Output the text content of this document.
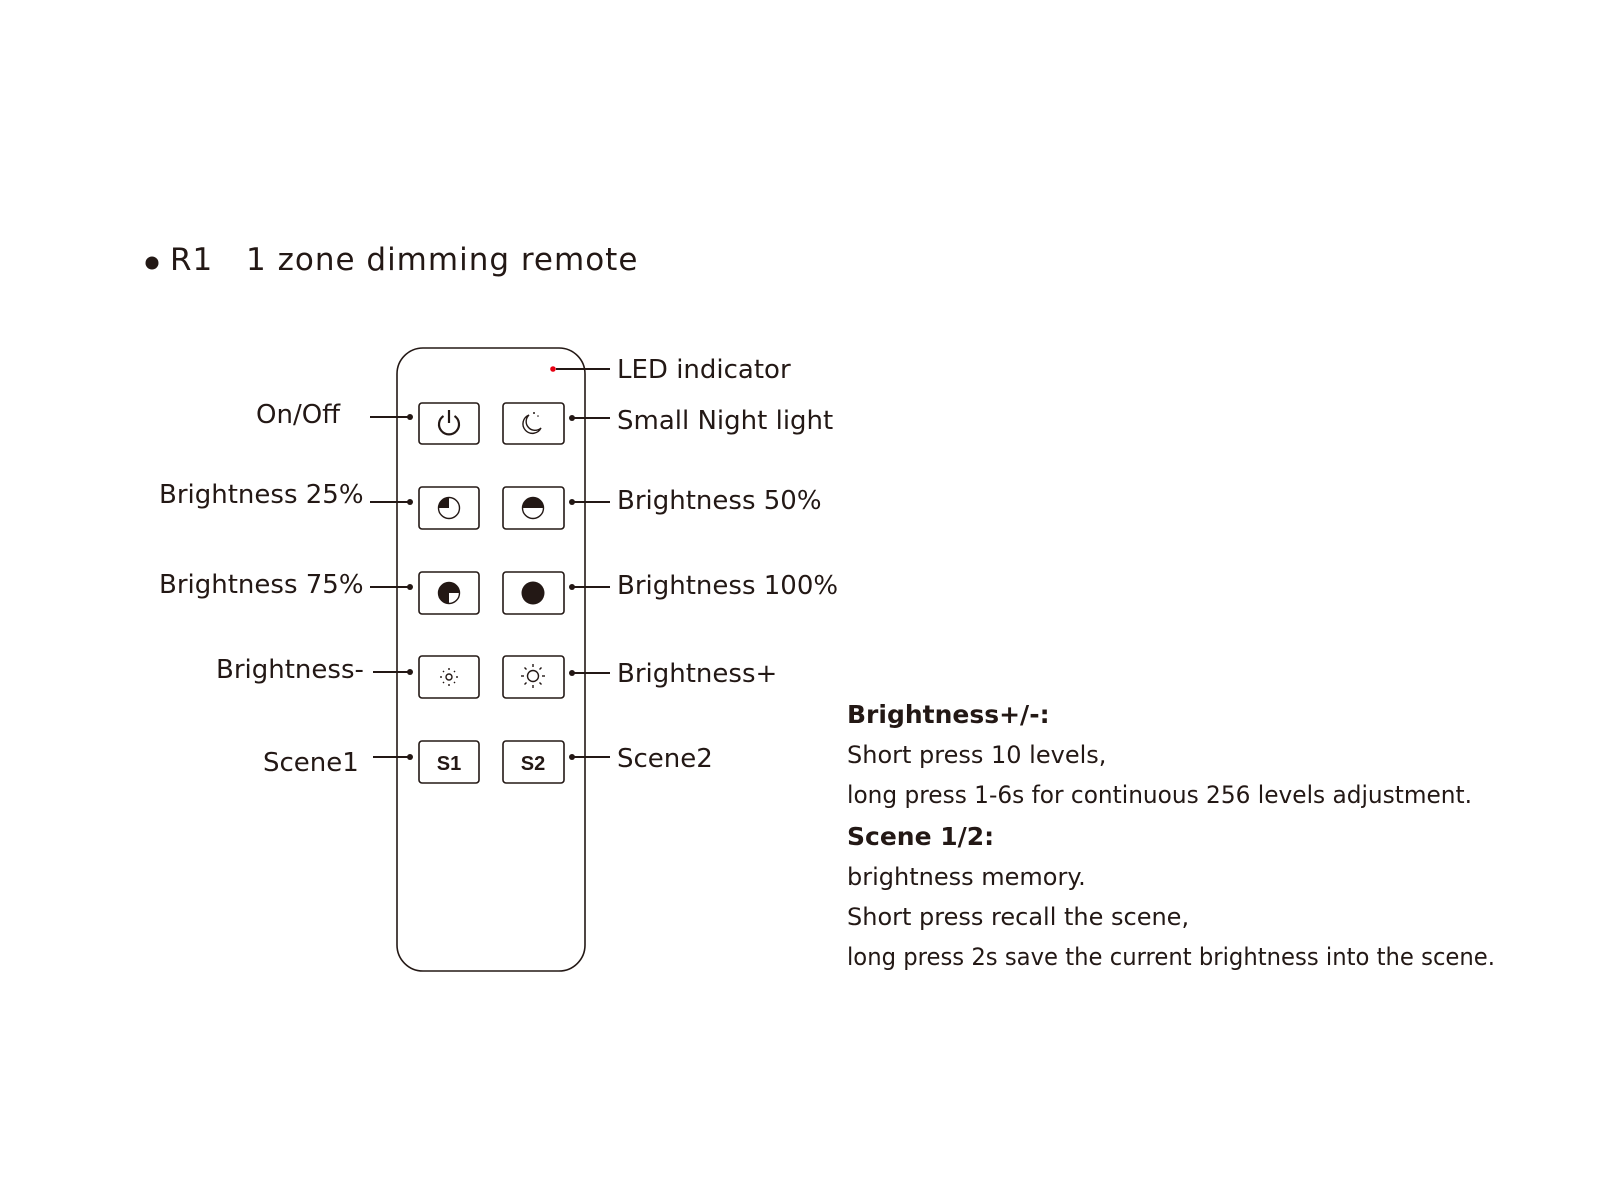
R1 1 zone dimming remote
LED indicator
On/Off	Small Night light
Brightness 25%	Brightness 50%
Brightness 75%	Brightness 100%
Brightness-	Brightness+
S1
Scene1	S2	Scene2
Brightness+/-:
Short press 10 levels,
long press 1-6s for continuous 256 levels adjustment.
Scene 1/2:
brightness memory.
Short press recall the scene,
long press 2s save the current brightness into the scene.
